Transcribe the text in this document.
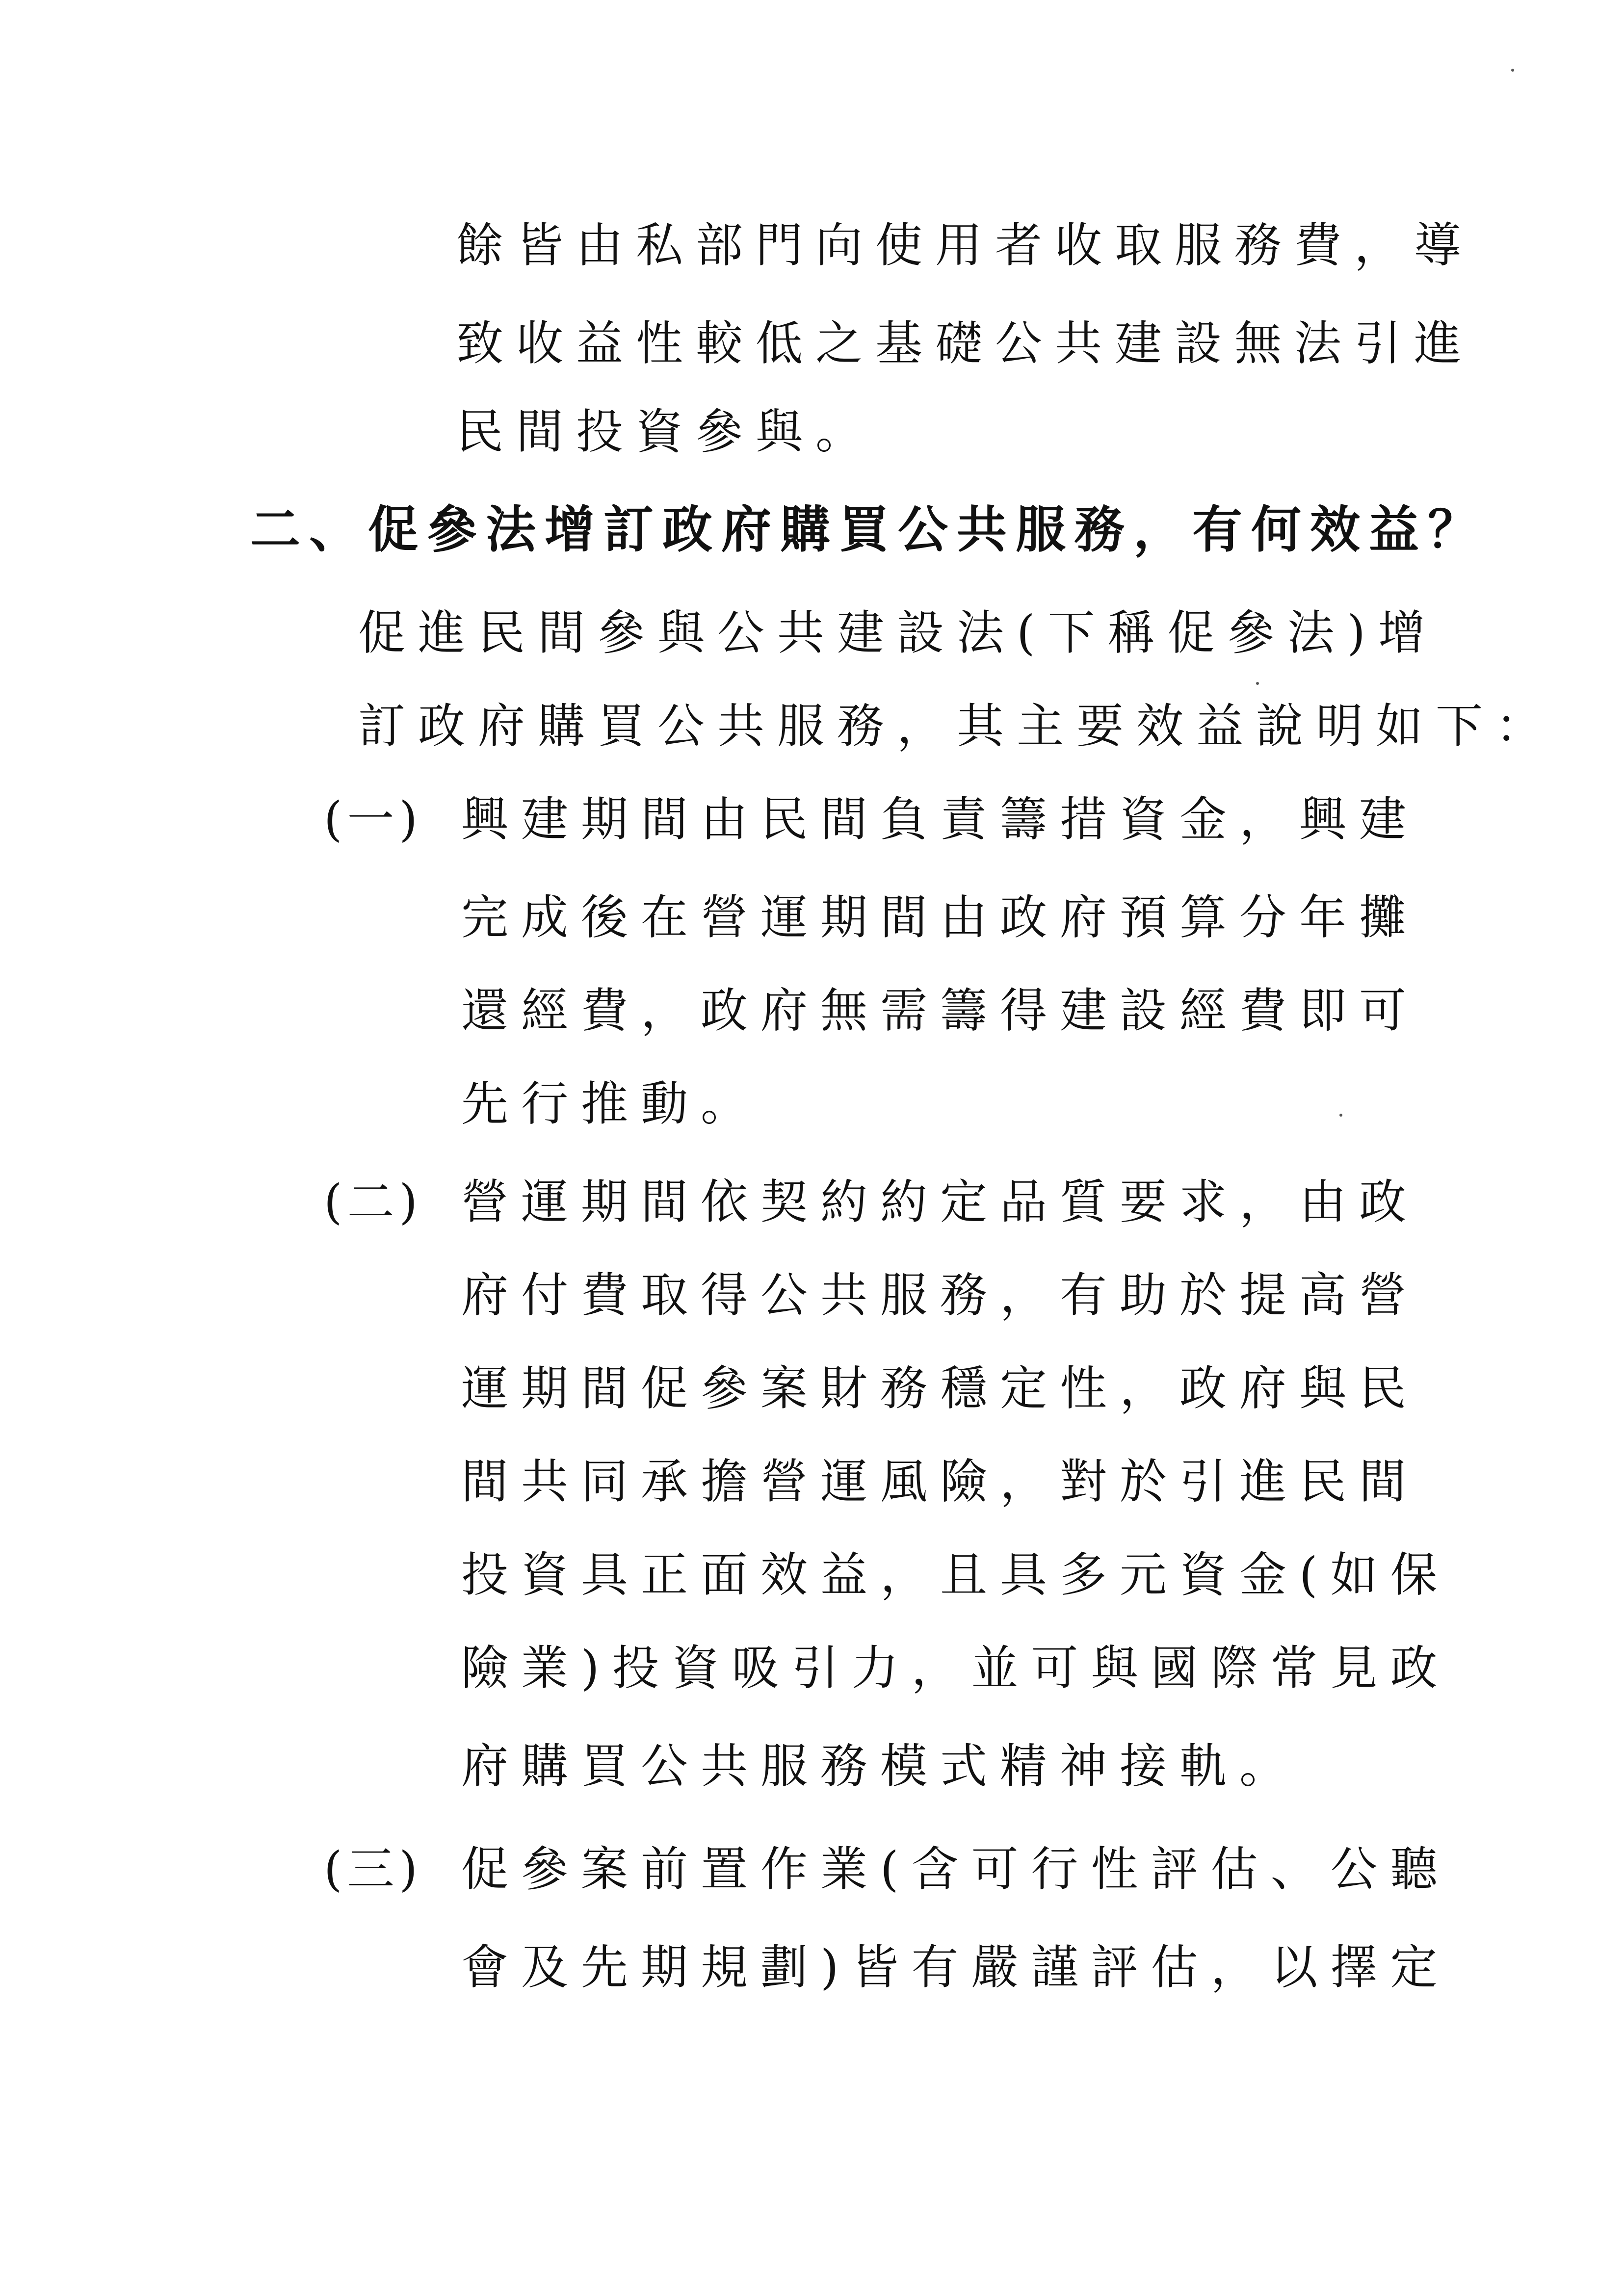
餘皆由私部門向使用者收取服務費，導
致收益性較低之基礎公共建設無法引進
民間投資參與。
二、促參法增訂政府購買公共服務，有何效益？
促進民間參與公共建設法(下稱促參法)增
訂政府購買公共服務，其主要效益說明如下：
(一) 興建期間由民間負責籌措資金，興建
完成後在營運期間由政府預算分年攤
還經費，政府無需籌得建設經費即可
先行推動。
(二) 營運期間依契約約定品質要求，由政
府付費取得公共服務，有助於提高營
運期間促參案財務穩定性，政府與民
間共同承擔營運風險，對於引進民間
投資具正面效益，且具多元資金(如保
險業)投資吸引力，並可與國際常見政
府購買公共服務模式精神接軌。
(三) 促參案前置作業(含可行性評估、公聽
會及先期規劃)皆有嚴謹評估，以擇定
